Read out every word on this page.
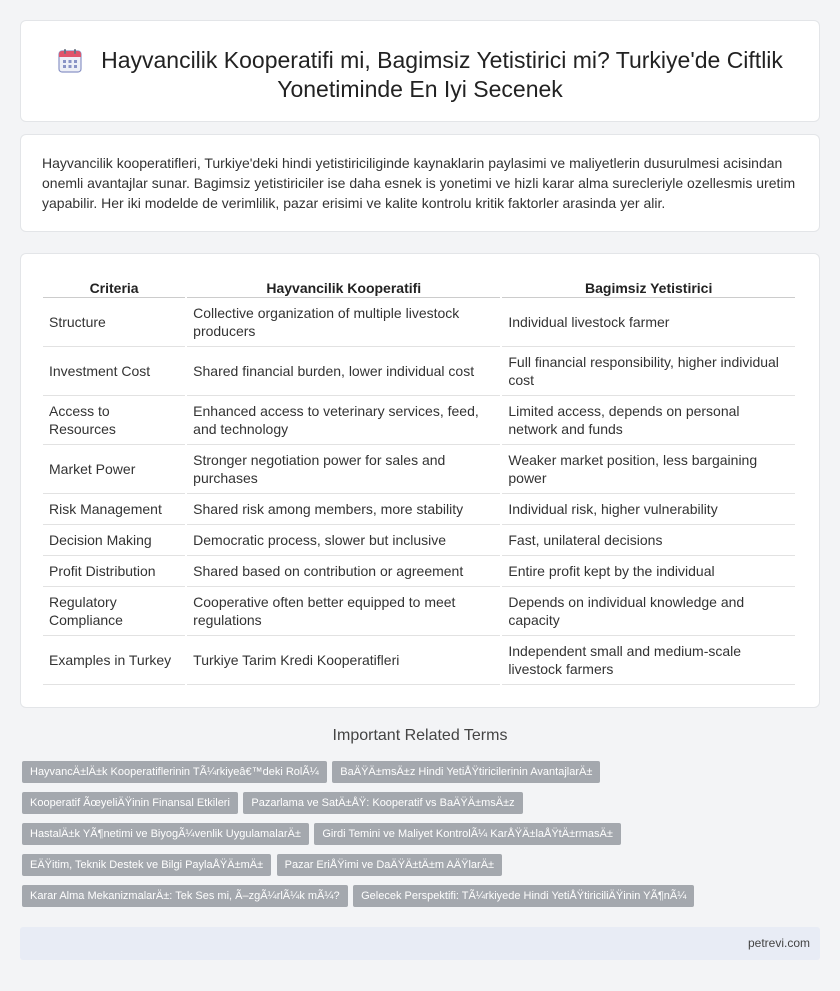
Hayvancilik Kooperatifi mi, Bagimsiz Yetistirici mi? Turkiye'de Ciftlik Yonetiminde En Iyi Secenek

Hayvancilik kooperatifleri, Turkiye'deki hindi yetistiriciliginde kaynaklarin paylasimi ve maliyetlerin dusurulmesi acisindan onemli avantajlar sunar. Bagimsiz yetistiriciler ise daha esnek is yonetimi ve hizli karar alma surecleriyle ozellesmis uretim yapabilir. Her iki modelde de verimlilik, pazar erisimi ve kalite kontrolu kritik faktorler arasinda yer alir.

Criteria	Hayvancilik Kooperatifi	Bagimsiz Yetistirici
Structure	Collective organization of multiple livestock producers	Individual livestock farmer
Investment Cost	Shared financial burden, lower individual cost	Full financial responsibility, higher individual cost
Access to Resources	Enhanced access to veterinary services, feed, and technology	Limited access, depends on personal network and funds
Market Power	Stronger negotiation power for sales and purchases	Weaker market position, less bargaining power
Risk Management	Shared risk among members, more stability	Individual risk, higher vulnerability
Decision Making	Democratic process, slower but inclusive	Fast, unilateral decisions
Profit Distribution	Shared based on contribution or agreement	Entire profit kept by the individual
Regulatory Compliance	Cooperative often better equipped to meet regulations	Depends on individual knowledge and capacity
Examples in Turkey	Turkiye Tarim Kredi Kooperatifleri	Independent small and medium-scale livestock farmers
Important Related Terms
HayvancÄ±lÄ±k Kooperatiflerinin TÃ¼rkiyeâ€™deki RolÃ¼ BaÄŸÄ±msÄ±z Hindi YetiÅŸtiricilerinin AvantajlarÄ±
Kooperatif ÃœyeliÄŸinin Finansal Etkileri Pazarlama ve SatÄ±ÅŸ: Kooperatif vs BaÄŸÄ±msÄ±z
HastalÄ±k YÃ¶netimi ve BiyogÃ¼venlik UygulamalarÄ± Girdi Temini ve Maliyet KontrolÃ¼ KarÅŸÄ±laÅŸtÄ±rmasÄ±
EÄŸitim, Teknik Destek ve Bilgi PaylaÅŸÄ±mÄ± Pazar EriÅŸimi ve DaÄŸÄ±tÄ±m AÄŸlarÄ±
Karar Alma MekanizmalarÄ±: Tek Ses mi, Ã–zgÃ¼rlÃ¼k mÃ¼? Gelecek Perspektifi: TÃ¼rkiyede Hindi YetiÅŸtiriciliÄŸinin YÃ¶nÃ¼
petrevi.com
